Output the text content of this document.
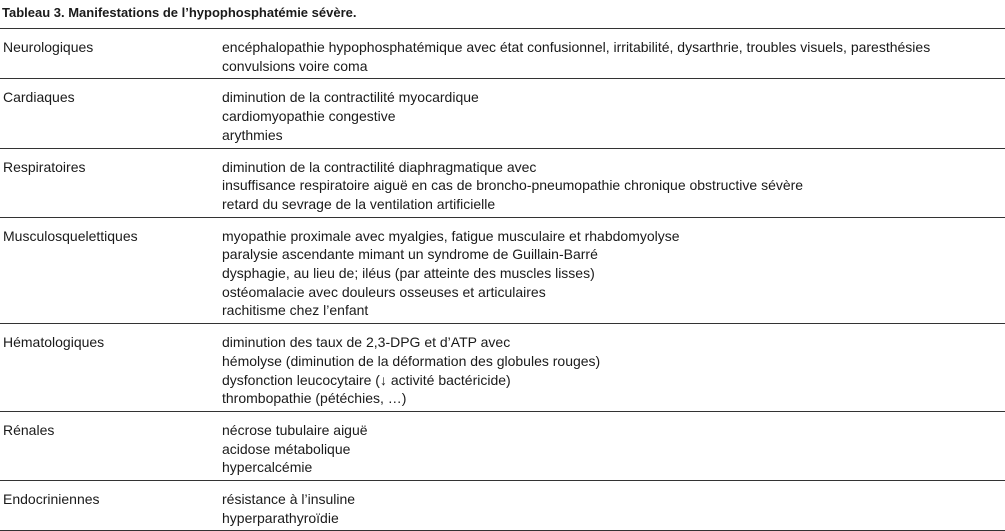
Tableau 3. Manifestations de l’hypophosphatémie sévère.
Neurologiques	encéphalopathie hypophosphatémique avec état confusionnel, irritabilité, dysarthrie, troubles visuels, paresthésies
convulsions voire coma
Cardiaques	diminution de la contractilité myocardique
cardiomyopathie congestive
arythmies
Respiratoires	diminution de la contractilité diaphragmatique avec
insuffisance respiratoire aiguë en cas de broncho-pneumopathie chronique obstructive sévère
retard du sevrage de la ventilation artificielle
Musculosquelettiques	myopathie proximale avec myalgies, fatigue musculaire et rhabdomyolyse
paralysie ascendante mimant un syndrome de Guillain-Barré
dysphagie, au lieu de; iléus (par atteinte des muscles lisses)
ostéomalacie avec douleurs osseuses et articulaires
rachitisme chez l’enfant
Hématologiques	diminution des taux de 2,3-DPG et d’ATP avec
hémolyse (diminution de la déformation des globules rouges)
dysfonction leucocytaire (↓ activité bactéricide)
thrombopathie (pétéchies, …)
Rénales	nécrose tubulaire aiguë
acidose métabolique
hypercalcémie
Endocriniennes	résistance à l’insuline
hyperparathyroïdie
